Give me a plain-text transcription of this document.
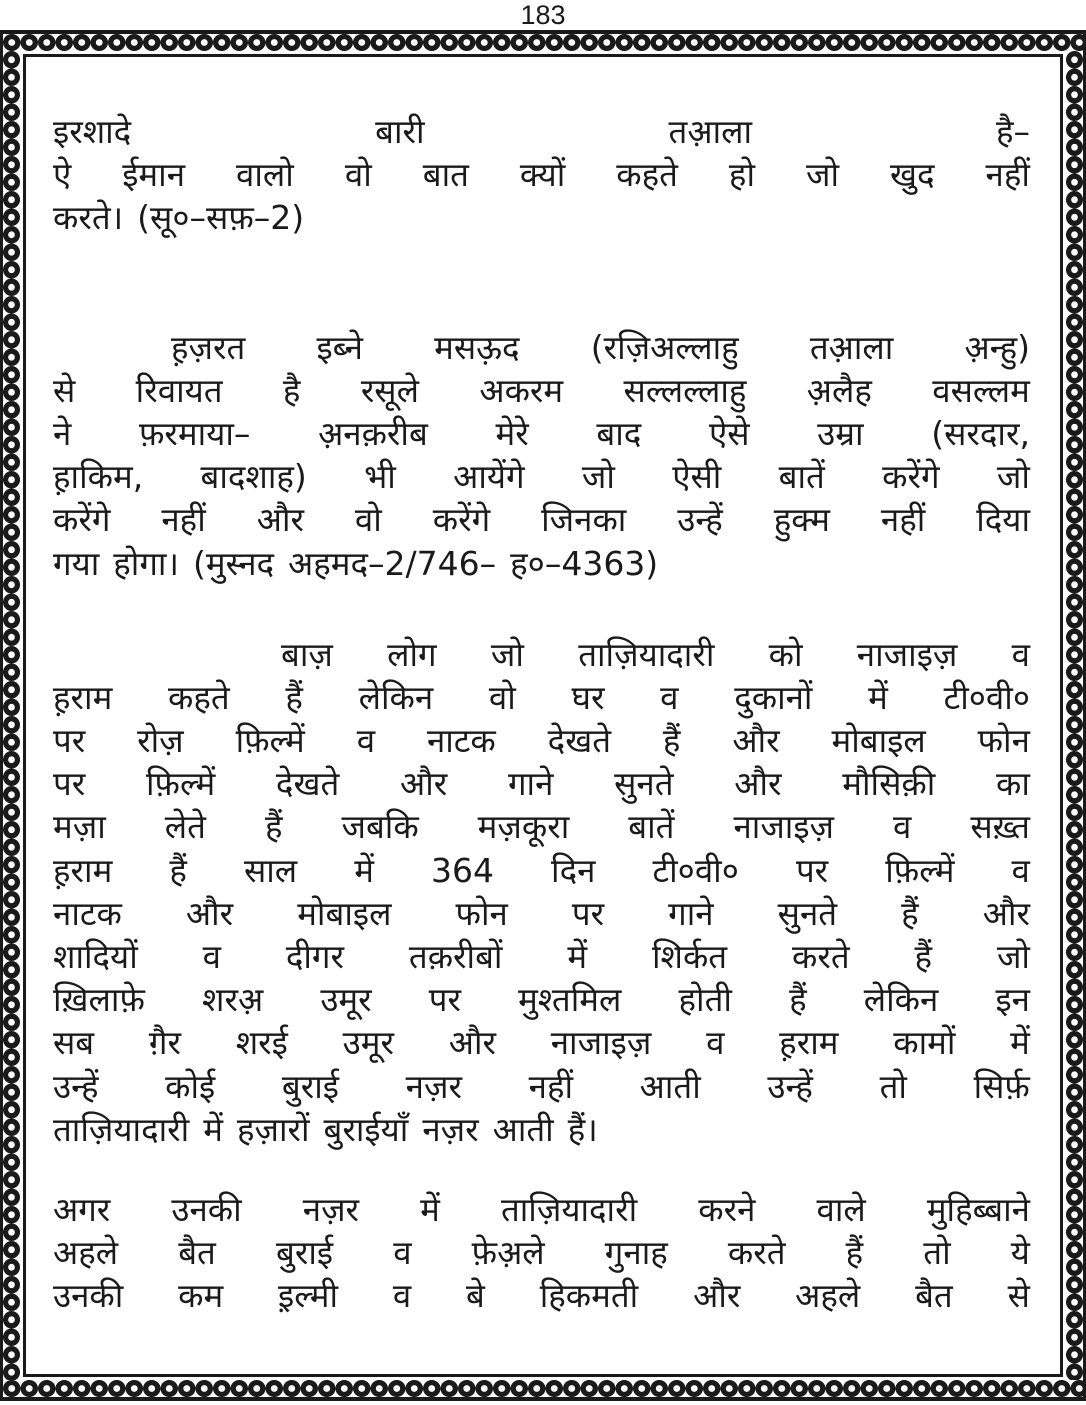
183
इरशादे	बारी	तआ़ला	है–
ऐ ईमान वालो वो बात क्यों कहते हो जो खुद नहीं
करते। (सू०–सफ़–2)
ह़ज़रत इब्ने मसऊ़द (रज़िअल्लाहु तआ़ला अ़न्हु)
से रिवायत है रसूले अकरम सल्लल्लाहु अ़लैह वसल्लम
ने फ़रमाया– अ़नक़रीब मेरे बाद ऐसे उम्रा (सरदार,
ह़ाकिम, बादशाह) भी आयेंगे जो ऐसी बातें करेंगे जो
करेंगे नहीं और वो करेंगे जिनका उन्हें हुक्म नहीं दिया
गया होगा। (मुस्नद अहमद–2/746– ह०–4363)
बाज़ लोग जो ताज़ियादारी को नाजाइज़ व
ह़राम कहते हैं लेकिन वो घर व दुकानों में टी०वी०
पर रोज़ फ़िल्में व नाटक देखते हैं और मोबाइल फोन
पर फ़िल्में देखते और गाने सुनते और मौसिक़ी का
मज़ा लेते हैं जबकि मज़कूरा बातें नाजाइज़ व सख़्त
ह़राम हैं साल में 364 दिन टी०वी० पर फ़िल्में व
नाटक और मोबाइल फोन पर गाने सुनते हैं और
शादियों व दीगर तक़रीबों में शिर्कत करते हैं जो
ख़िलाफ़े शरअ़ उमूर पर मुश्तमिल होती हैं लेकिन इन
सब ग़ैर शरई उमूर और नाजाइज़ व ह़राम कामों में
उन्हें कोई बुराई नज़र नहीं आती उन्हें तो सिर्फ़
ताज़ियादारी में हज़ारों बुराईयाँ नज़र आती हैं।
अगर उनकी नज़र में ताज़ियादारी करने वाले मुहिब्बाने
अहले बैत बुराई व फ़ेअ़ले गुनाह करते हैं तो ये
उनकी कम इ़ल्मी व बे हिकमती और अहले बैत से
